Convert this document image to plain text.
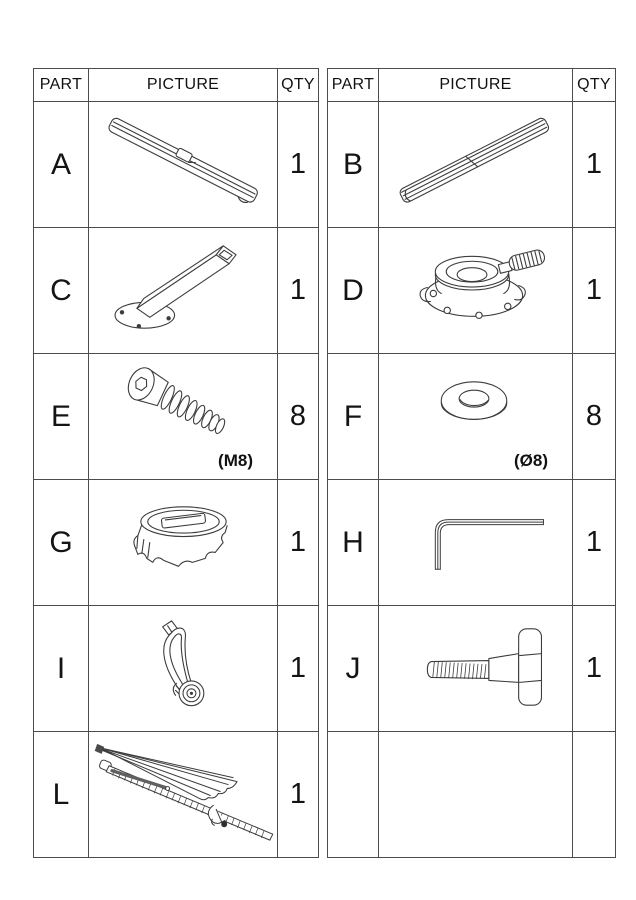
PART	PICTURE	QTY
A		1
C		1
E	(M8)	8
G		1
I		1
L		1
PART	PICTURE	QTY
B		1
D		1
F	(Ø8)	8
H		1
J		1
